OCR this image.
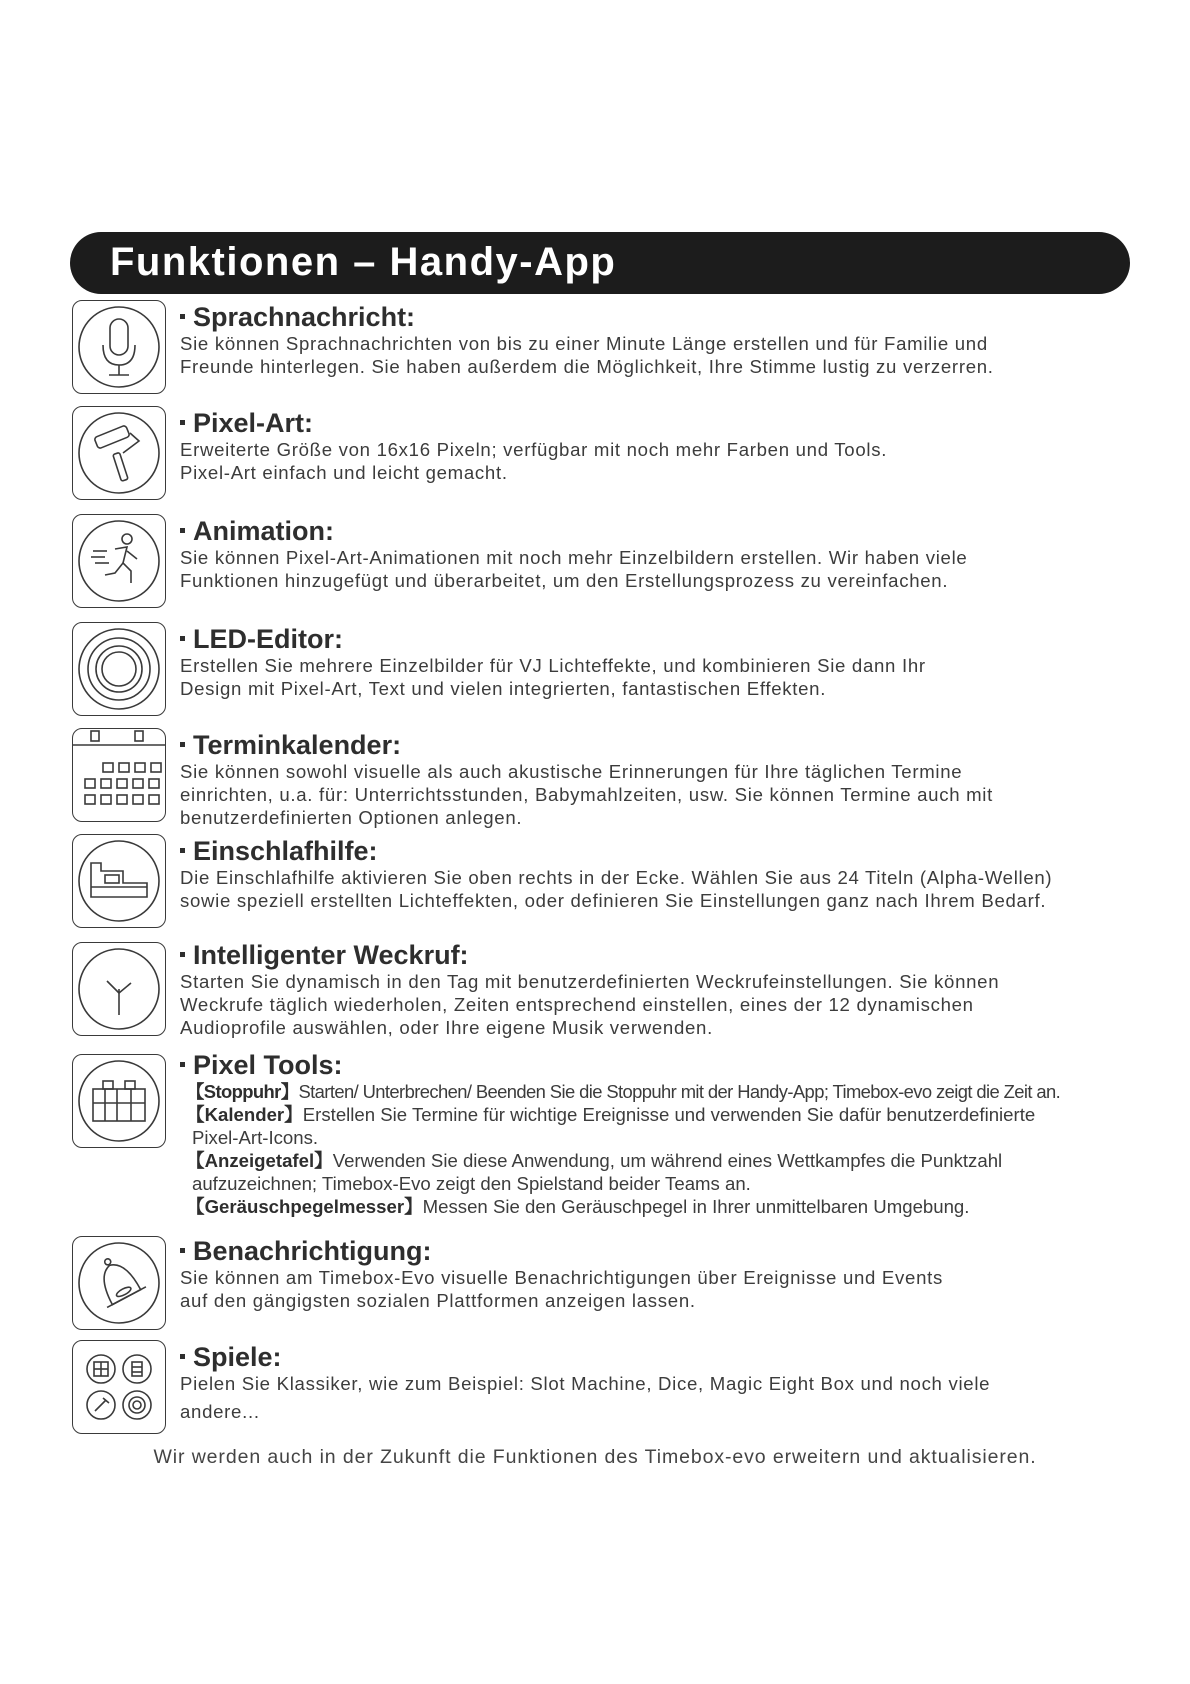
Funktionen – Handy-App
Sprachnachricht:
Sie können Sprachnachrichten von bis zu einer Minute Länge erstellen und für Familie und
Freunde hinterlegen. Sie haben außerdem die Möglichkeit, Ihre Stimme lustig zu verzerren.
Pixel-Art:
Erweiterte Größe von 16x16 Pixeln; verfügbar mit noch mehr Farben und Tools.
Pixel-Art einfach und leicht gemacht.
Animation:
Sie können Pixel-Art-Animationen mit noch mehr Einzelbildern erstellen. Wir haben viele
Funktionen hinzugefügt und überarbeitet, um den Erstellungsprozess zu vereinfachen.
LED-Editor:
Erstellen Sie mehrere Einzelbilder für VJ Lichteffekte, und kombinieren Sie dann Ihr
Design mit Pixel-Art, Text und vielen integrierten, fantastischen Effekten.
Terminkalender:
Sie können sowohl visuelle als auch akustische Erinnerungen für Ihre täglichen Termine
einrichten, u.a. für: Unterrichtsstunden, Babymahlzeiten, usw. Sie können Termine auch mit
benutzerdefinierten Optionen anlegen.
Einschlafhilfe:
Die Einschlafhilfe aktivieren Sie oben rechts in der Ecke. Wählen Sie aus 24 Titeln (Alpha-Wellen)
sowie speziell erstellten Lichteffekten, oder definieren Sie Einstellungen ganz nach Ihrem Bedarf.
Intelligenter Weckruf:
Starten Sie dynamisch in den Tag mit benutzerdefinierten Weckrufeinstellungen. Sie können
Weckrufe täglich wiederholen, Zeiten entsprechend einstellen, eines der 12 dynamischen
Audioprofile auswählen, oder Ihre eigene Musik verwenden.
Pixel Tools:
【Stoppuhr】Starten/ Unterbrechen/ Beenden Sie die Stoppuhr mit der Handy-App; Timebox-evo zeigt die Zeit an.
【Kalender】Erstellen Sie Termine für wichtige Ereignisse und verwenden Sie dafür benutzerdefinierte
Pixel-Art-Icons.
【Anzeigetafel】Verwenden Sie diese Anwendung, um während eines Wettkampfes die Punktzahl
aufzuzeichnen; Timebox-Evo zeigt den Spielstand beider Teams an.
【Geräuschpegelmesser】Messen Sie den Geräuschpegel in Ihrer unmittelbaren Umgebung.
Benachrichtigung:
Sie können am Timebox-Evo visuelle Benachrichtigungen über Ereignisse und Events
auf den gängigsten sozialen Plattformen anzeigen lassen.
Spiele:
Pielen Sie Klassiker, wie zum Beispiel: Slot Machine, Dice, Magic Eight Box und noch viele
andere...
Wir werden auch in der Zukunft die Funktionen des Timebox-evo erweitern und aktualisieren.
